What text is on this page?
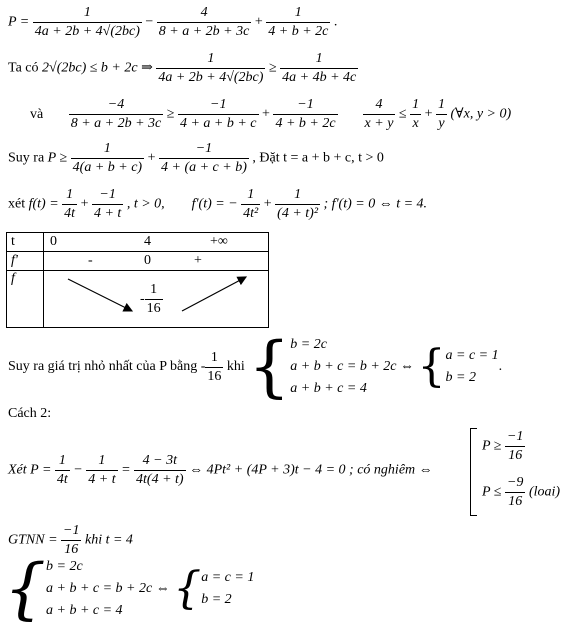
$P = \frac{1}{4a + 2b + 4√(2bc)} - \frac{4}{8 + a + 2b + 3c} + \frac{1}{4 + b + 2c}$ .
Ta có 2√(2bc) ≤ b + 2c ⇒ $\frac{1}{4a + 2b + 4√(2bc)} \ge \frac{1}{4a + 4b + 4c}$
và $\frac{-4}{8 + a + 2b + 3c} \ge \frac{-1}{4 + a + b + c} + \frac{-1}{4 + b + 2c}$
$\frac{4}{x + y} \le \frac{1}{x} + \frac{1}{y}$ (∀x, y > 0)
Suy ra $P \ge \frac{1}{4(a + b + c)} + \frac{-1}{4 + (a + c + b)}$ , Đặt t = a + b + c, t > 0
xét $f(t) = \frac{1}{4t} + \frac{-1}{4 + t}$ , t > 0, f'(t) = − $\frac{1}{\text{4t²}} + \frac{1}{\text{(4 + t)²}}$ ; f'(t) = 0 ⇔ t = 4.
t	0 4 +∞

f'	- 0 +

f	- $\frac{1}{16}$
Suy ra giá trị nhỏ nhất của P bằng - $\frac{1}{16}$ khi { b = 2c
a + b + c = b + 2c
a + b + c = 4
⇔ { a = c = 1
b = 2
.
Cách 2:
Xét $P = \frac{1}{4t} - \frac{1}{4 + t} = \frac{4 - 3t}{4t(4 + t)}$ ⇔ 4Pt² + (4P + 3)t − 4 = 0 ; có nghiêm ⇔
$P \ge \frac{-1}{16}$
$P \le \frac{-9}{16}$ (loai)
GTNN = $\frac{-1}{16}$ khi t = 4
{ b = 2c
a + b + c = b + 2c
a + b + c = 4
⇔ { a = c = 1
b = 2
